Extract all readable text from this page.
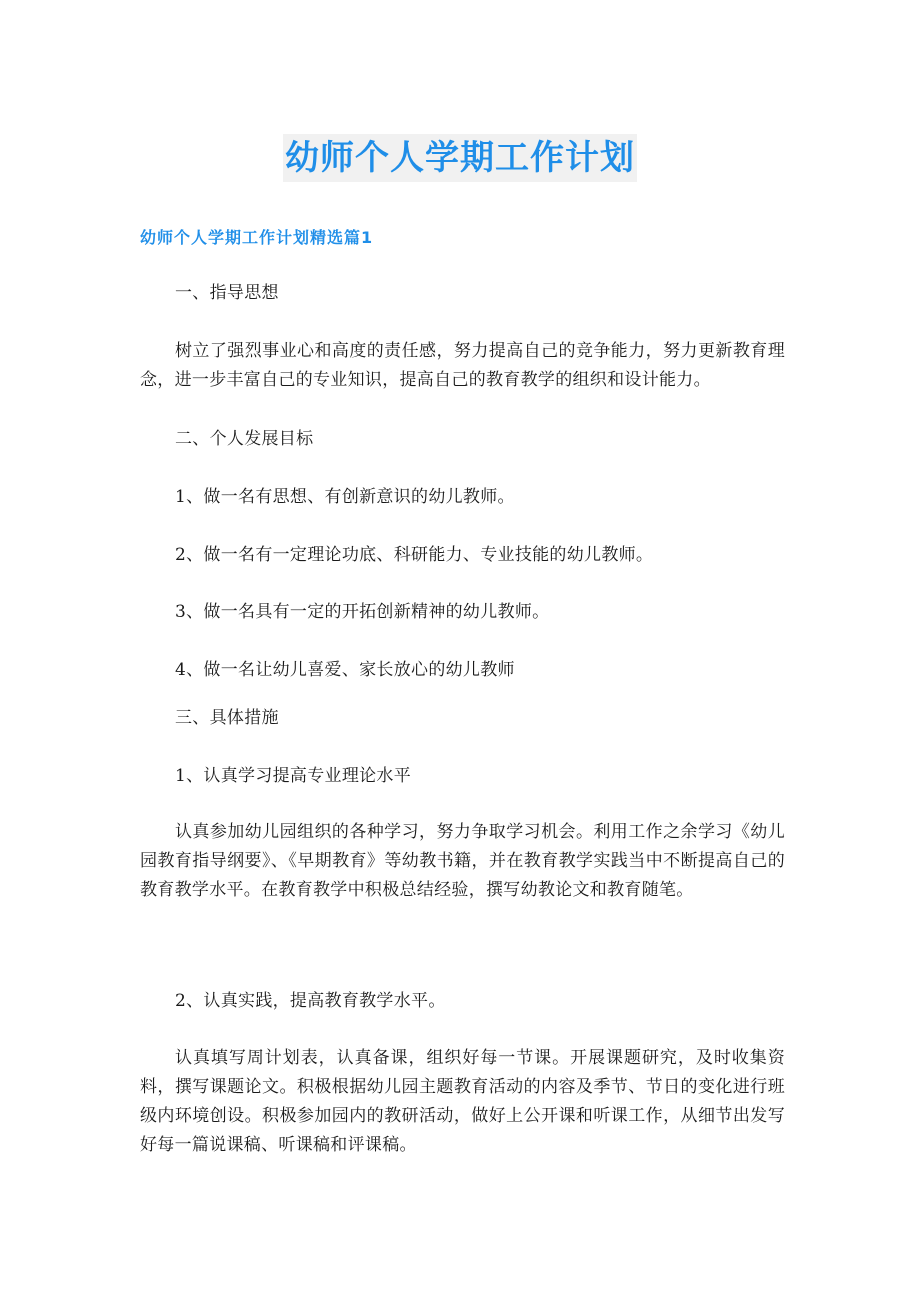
幼师个人学期工作计划
幼师个人学期工作计划精选篇1

一、指导思想

树立了强烈事业心和高度的责任感，努力提高自己的竞争能力，努力更新教育理念，进一步丰富自己的专业知识，提高自己的教育教学的组织和设计能力。

二、个人发展目标

1、做一名有思想、有创新意识的幼儿教师。

2、做一名有一定理论功底、科研能力、专业技能的幼儿教师。

3、做一名具有一定的开拓创新精神的幼儿教师。

4、做一名让幼儿喜爱、家长放心的幼儿教师

三、具体措施

1、认真学习提高专业理论水平

认真参加幼儿园组织的各种学习，努力争取学习机会。利用工作之余学习《幼儿园教育指导纲要》、《早期教育》等幼教书籍，并在教育教学实践当中不断提高自己的教育教学水平。在教育教学中积极总结经验，撰写幼教论文和教育随笔。

2、认真实践，提高教育教学水平。

认真填写周计划表，认真备课，组织好每一节课。开展课题研究，及时收集资料，撰写课题论文。积极根据幼儿园主题教育活动的内容及季节、节日的变化进行班级内环境创设。积极参加园内的教研活动，做好上公开课和听课工作，从细节出发写好每一篇说课稿、听课稿和评课稿。
